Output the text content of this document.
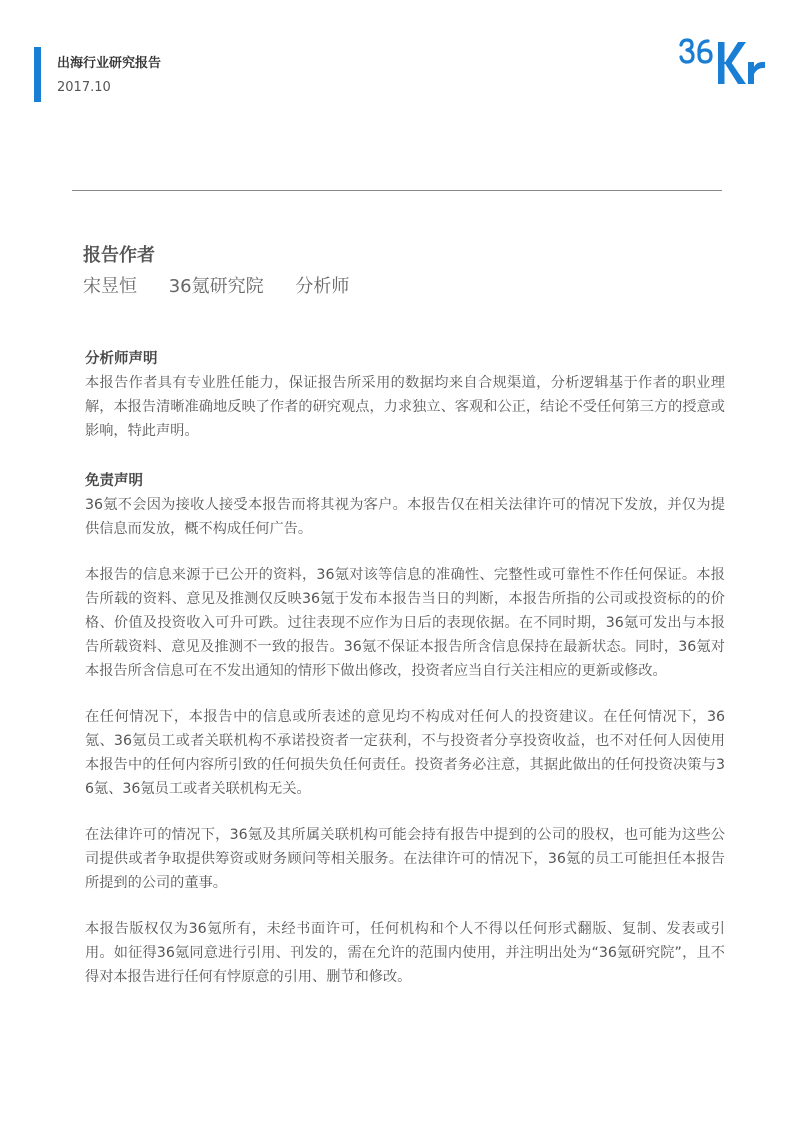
出海行业研究报告
2017.10
报告作者
宋昱恒 36氪研究院 分析师

分析师声明

本报告作者具有专业胜任能力，保证报告所采用的数据均来自合规渠道，分析逻辑基于作者的职业理解，本报告清晰准确地反映了作者的研究观点，力求独立、客观和公正，结论不受任何第三方的授意或影响，特此声明。

免责声明

36氪不会因为接收人接受本报告而将其视为客户。本报告仅在相关法律许可的情况下发放，并仅为提供信息而发放，概不构成任何广告。

本报告的信息来源于已公开的资料，36氪对该等信息的准确性、完整性或可靠性不作任何保证。本报告所载的资料、意见及推测仅反映36氪于发布本报告当日的判断，本报告所指的公司或投资标的的价格、价值及投资收入可升可跌。过往表现不应作为日后的表现依据。在不同时期，36氪可发出与本报告所载资料、意见及推测不一致的报告。36氪不保证本报告所含信息保持在最新状态。同时，36氪对本报告所含信息可在不发出通知的情形下做出修改，投资者应当自行关注相应的更新或修改。

在任何情况下，本报告中的信息或所表述的意见均不构成对任何人的投资建议。在任何情况下，36氪、36氪员工或者关联机构不承诺投资者一定获利，不与投资者分享投资收益，也不对任何人因使用本报告中的任何内容所引致的任何损失负任何责任。投资者务必注意，其据此做出的任何投资决策与36氪、36氪员工或者关联机构无关。

在法律许可的情况下，36氪及其所属关联机构可能会持有报告中提到的公司的股权，也可能为这些公司提供或者争取提供筹资或财务顾问等相关服务。在法律许可的情况下，36氪的员工可能担任本报告所提到的公司的董事。

本报告版权仅为36氪所有，未经书面许可，任何机构和个人不得以任何形式翻版、复制、发表或引用。如征得36氪同意进行引用、刊发的，需在允许的范围内使用，并注明出处为“36氪研究院”，且不得对本报告进行任何有悖原意的引用、删节和修改。
